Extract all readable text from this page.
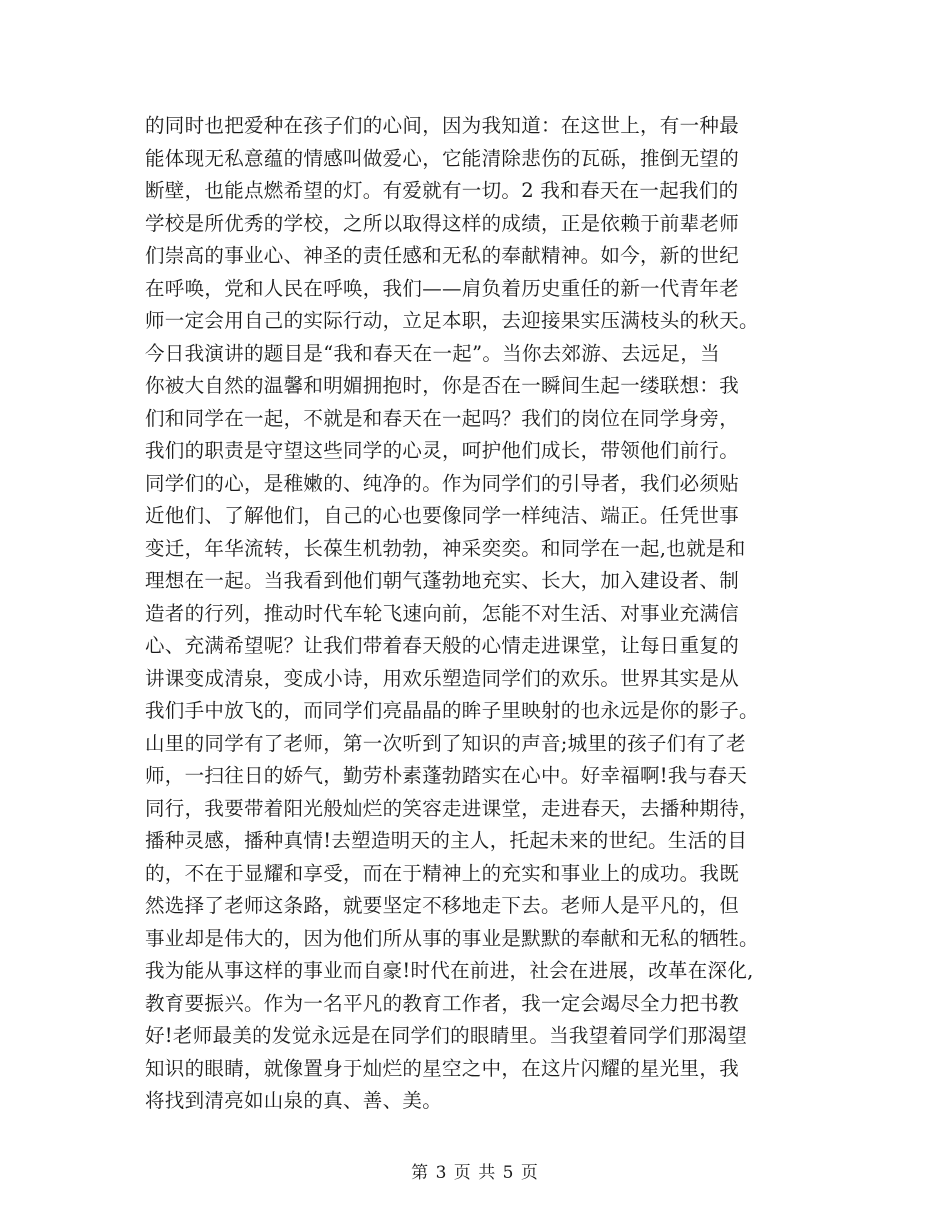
的同时也把爱种在孩子们的心间，因为我知道：在这世上，有一种最
能体现无私意蕴的情感叫做爱心，它能清除悲伤的瓦砾，推倒无望的
断壁，也能点燃希望的灯。有爱就有一切。2 我和春天在一起我们的
学校是所优秀的学校，之所以取得这样的成绩，正是依赖于前辈老师
们崇高的事业心、神圣的责任感和无私的奉献精神。如今，新的世纪
在呼唤，党和人民在呼唤，我们——肩负着历史重任的新一代青年老
师一定会用自己的实际行动，立足本职，去迎接果实压满枝头的秋天。
今日我演讲的题目是“我和春天在一起”。当你去郊游、去远足，当
你被大自然的温馨和明媚拥抱时，你是否在一瞬间生起一缕联想：我
们和同学在一起，不就是和春天在一起吗？我们的岗位在同学身旁，
我们的职责是守望这些同学的心灵，呵护他们成长，带领他们前行。
同学们的心，是稚嫩的、纯净的。作为同学们的引导者，我们必须贴
近他们、了解他们，自己的心也要像同学一样纯洁、端正。任凭世事
变迁，年华流转，长葆生机勃勃，神采奕奕。和同学在一起,也就是和
理想在一起。当我看到他们朝气蓬勃地充实、长大，加入建设者、制
造者的行列，推动时代车轮飞速向前，怎能不对生活、对事业充满信
心、充满希望呢？让我们带着春天般的心情走进课堂，让每日重复的
讲课变成清泉，变成小诗，用欢乐塑造同学们的欢乐。世界其实是从
我们手中放飞的，而同学们亮晶晶的眸子里映射的也永远是你的影子。
山里的同学有了老师，第一次听到了知识的声音;城里的孩子们有了老
师，一扫往日的娇气，勤劳朴素蓬勃踏实在心中。好幸福啊!我与春天
同行，我要带着阳光般灿烂的笑容走进课堂，走进春天，去播种期待，
播种灵感，播种真情!去塑造明天的主人，托起未来的世纪。生活的目
的，不在于显耀和享受，而在于精神上的充实和事业上的成功。我既
然选择了老师这条路，就要坚定不移地走下去。老师人是平凡的，但
事业却是伟大的，因为他们所从事的事业是默默的奉献和无私的牺牲。
我为能从事这样的事业而自豪!时代在前进，社会在进展，改革在深化,
教育要振兴。作为一名平凡的教育工作者，我一定会竭尽全力把书教
好!老师最美的发觉永远是在同学们的眼睛里。当我望着同学们那渴望
知识的眼睛，就像置身于灿烂的星空之中，在这片闪耀的星光里，我
将找到清亮如山泉的真、善、美。
第 3 页 共 5 页
